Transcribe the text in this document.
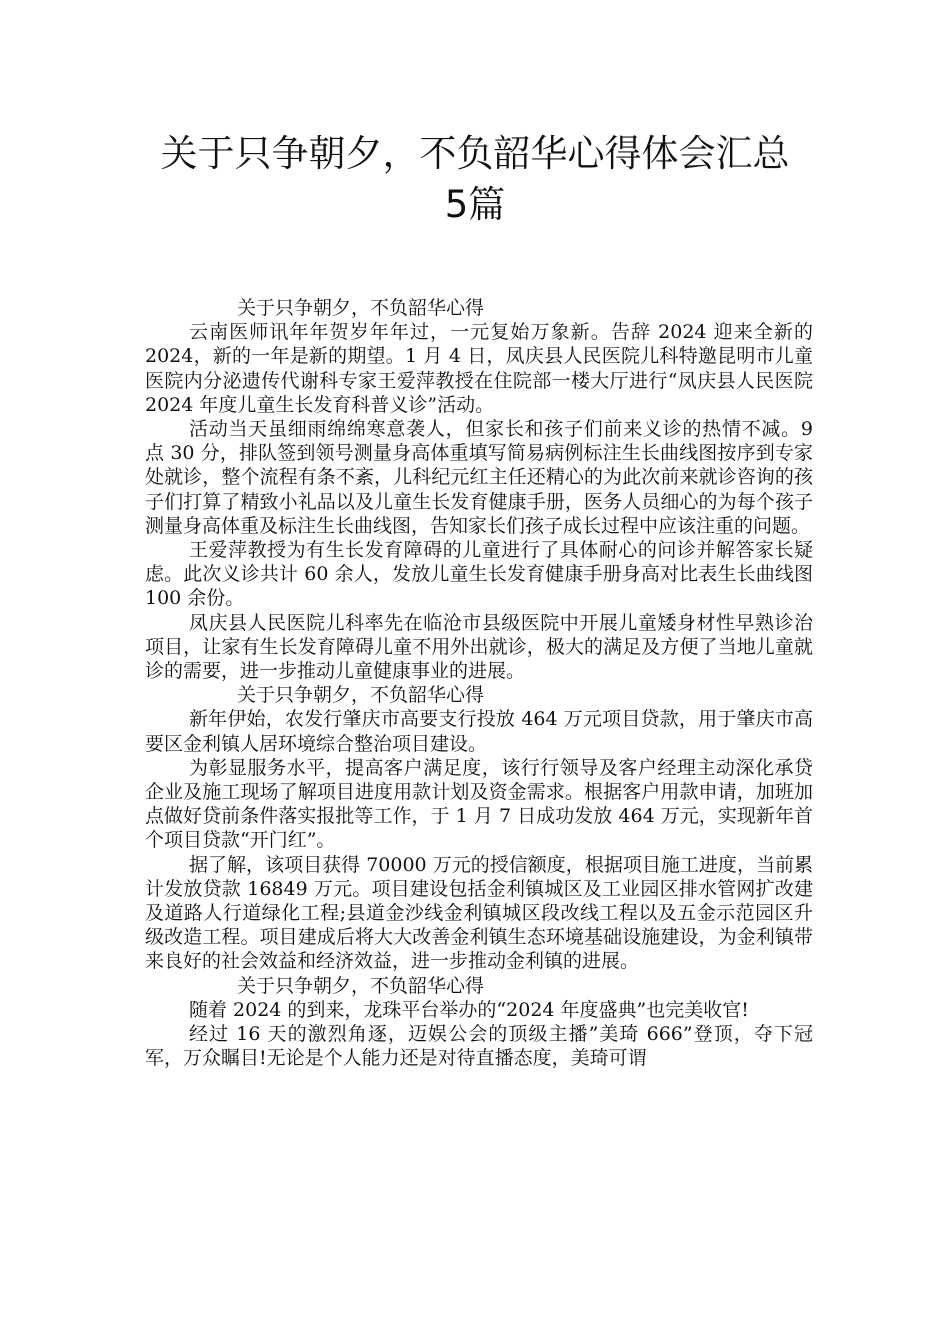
关于只争朝夕，不负韶华心得体会汇总
5篇
关于只争朝夕，不负韶华心得

云南医师讯年年贺岁年年过，一元复始万象新。告辞 2024 迎来全新的 2024，新的一年是新的期望。1 月 4 日，凤庆县人民医院儿科特邀昆明市儿童医院内分泌遗传代谢科专家王爱萍教授在住院部一楼大厅进行“凤庆县人民医院 2024 年度儿童生长发育科普义诊”活动。

活动当天虽细雨绵绵寒意袭人，但家长和孩子们前来义诊的热情不减。9 点 30 分，排队签到领号测量身高体重填写简易病例标注生长曲线图按序到专家处就诊，整个流程有条不紊，儿科纪元红主任还精心的为此次前来就诊咨询的孩子们打算了精致小礼品以及儿童生长发育健康手册，医务人员细心的为每个孩子测量身高体重及标注生长曲线图，告知家长们孩子成长过程中应该注重的问题。

王爱萍教授为有生长发育障碍的儿童进行了具体耐心的问诊并解答家长疑虑。此次义诊共计 60 余人，发放儿童生长发育健康手册身高对比表生长曲线图 100 余份。

凤庆县人民医院儿科率先在临沧市县级医院中开展儿童矮身材性早熟诊治项目，让家有生长发育障碍儿童不用外出就诊，极大的满足及方便了当地儿童就诊的需要，进一步推动儿童健康事业的进展。

关于只争朝夕，不负韶华心得

新年伊始，农发行肇庆市高要支行投放 464 万元项目贷款，用于肇庆市高要区金利镇人居环境综合整治项目建设。

为彰显服务水平，提高客户满足度，该行行领导及客户经理主动深化承贷企业及施工现场了解项目进度用款计划及资金需求。根据客户用款申请，加班加点做好贷前条件落实报批等工作，于 1 月 7 日成功发放 464 万元，实现新年首个项目贷款“开门红”。

据了解，该项目获得 70000 万元的授信额度，根据项目施工进度，当前累计发放贷款 16849 万元。项目建设包括金利镇城区及工业园区排水管网扩改建及道路人行道绿化工程;县道金沙线金利镇城区段改线工程以及五金示范园区升级改造工程。项目建成后将大大改善金利镇生态环境基础设施建设，为金利镇带来良好的社会效益和经济效益，进一步推动金利镇的进展。

关于只争朝夕，不负韶华心得

随着 2024 的到来，龙珠平台举办的“2024 年度盛典”也完美收官!

经过 16 天的激烈角逐，迈娱公会的顶级主播”美琦 666”登顶，夺下冠军，万众瞩目!无论是个人能力还是对待直播态度，美琦可谓
